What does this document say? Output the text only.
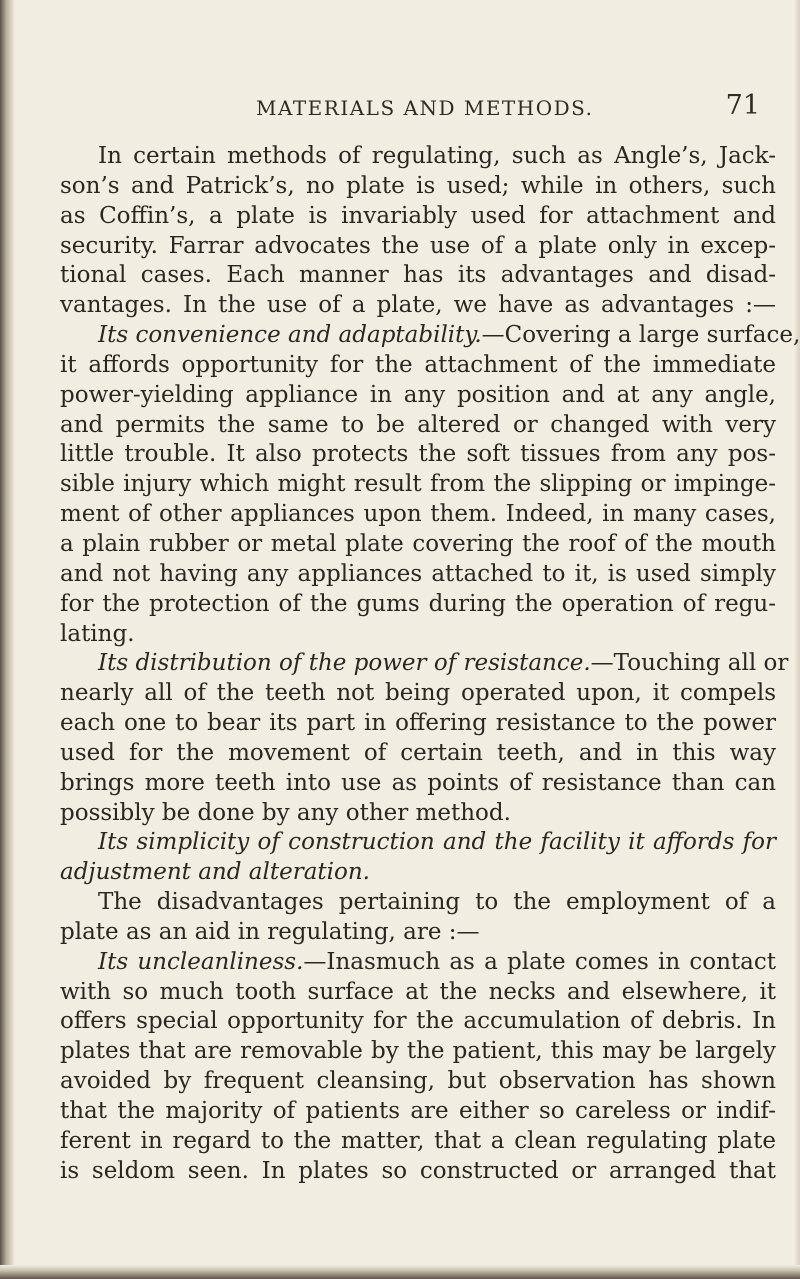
MATERIALS AND METHODS.	71
In certain methods of regulating, such as Angle’s, Jack-
son’s and Patrick’s, no plate is used; while in others, such
as Coffin’s, a plate is invariably used for attachment and
security. Farrar advocates the use of a plate only in excep-
tional cases. Each manner has its advantages and disad-
vantages. In the use of a plate, we have as advantages :—
Its convenience and adaptability.—Covering a large surface,
it affords opportunity for the attachment of the immediate
power-yielding appliance in any position and at any angle,
and permits the same to be altered or changed with very
little trouble. It also protects the soft tissues from any pos-
sible injury which might result from the slipping or impinge-
ment of other appliances upon them. Indeed, in many cases,
a plain rubber or metal plate covering the roof of the mouth
and not having any appliances attached to it, is used simply
for the protection of the gums during the operation of regu-
lating.
Its distribution of the power of resistance.—Touching all or
nearly all of the teeth not being operated upon, it compels
each one to bear its part in offering resistance to the power
used for the movement of certain teeth, and in this way
brings more teeth into use as points of resistance than can
possibly be done by any other method.
Its simplicity of construction and the facility it affords for
adjustment and alteration.
The disadvantages pertaining to the employment of a
plate as an aid in regulating, are :—
Its uncleanliness.—Inasmuch as a plate comes in contact
with so much tooth surface at the necks and elsewhere, it
offers special opportunity for the accumulation of debris. In
plates that are removable by the patient, this may be largely
avoided by frequent cleansing, but observation has shown
that the majority of patients are either so careless or indif-
ferent in regard to the matter, that a clean regulating plate
is seldom seen. In plates so constructed or arranged that
